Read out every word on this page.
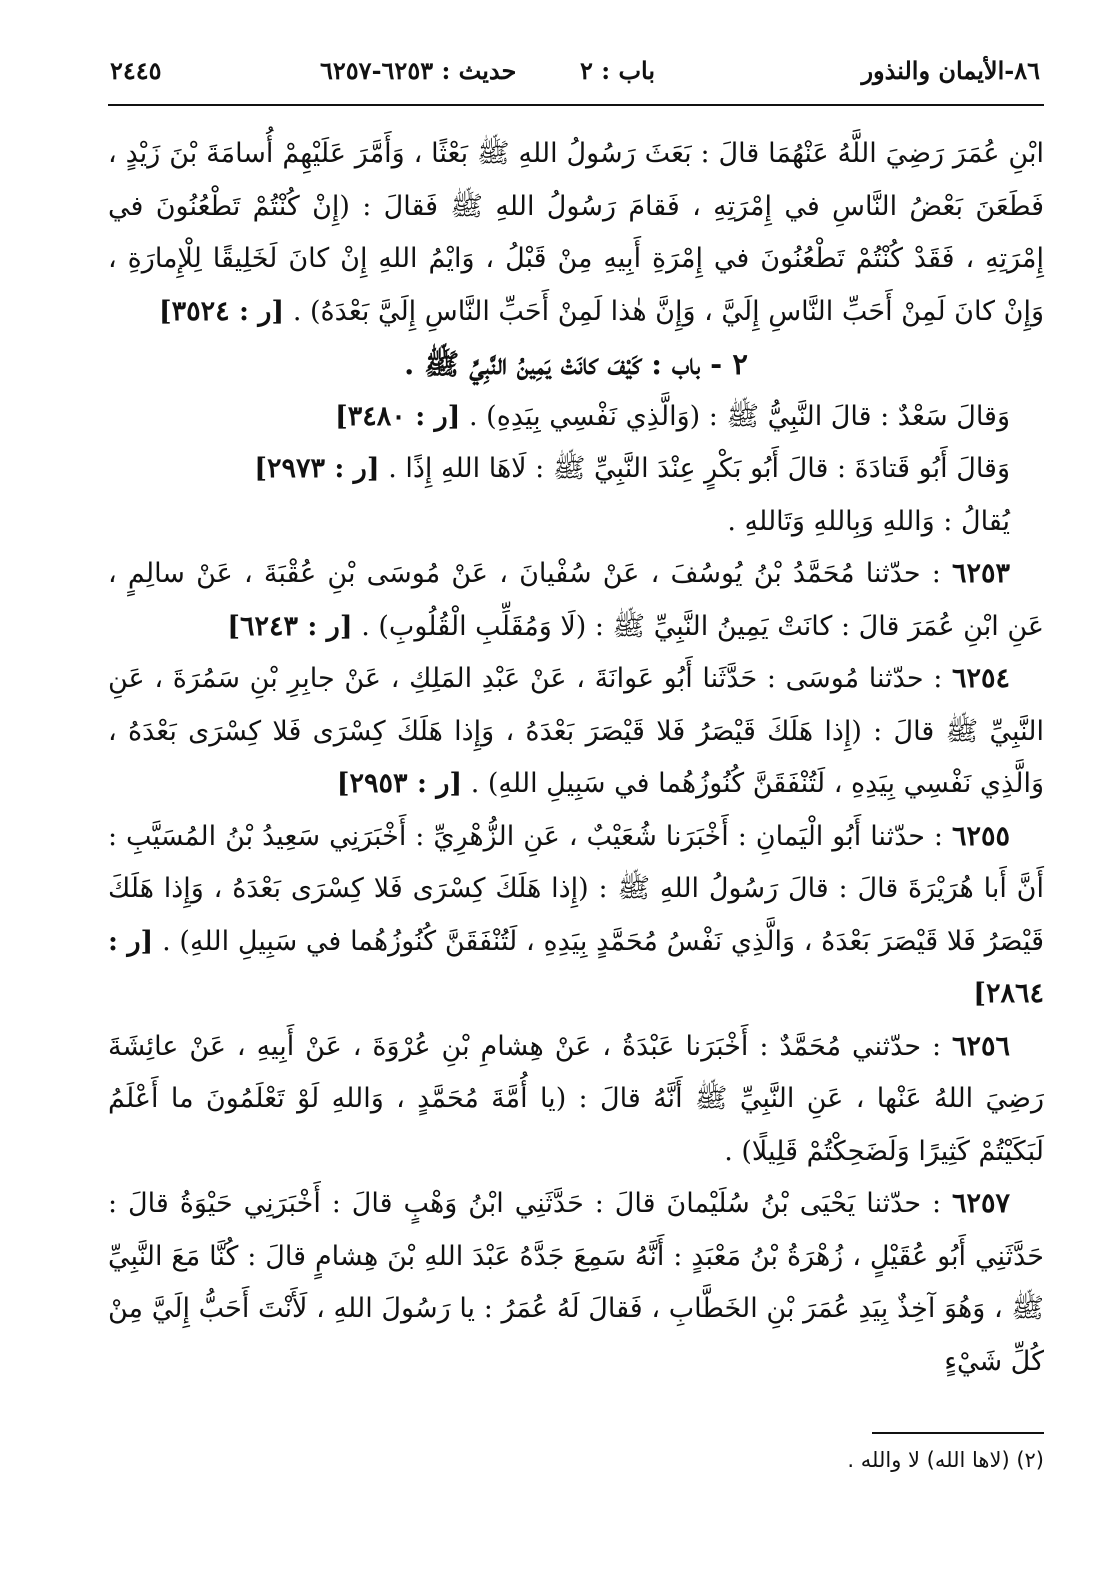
٨٦-الأيمان والنذور
باب : ٢
حديث : ٦٢٥٣-٦٢٥٧
٢٤٤٥

ابْنِ عُمَرَ رَضِيَ اللَّهُ عَنْهُمَا قالَ : بَعَثَ رَسُولُ اللهِ ﷺ بَعْثًا ، وَأَمَّرَ عَلَيْهِمْ أُسامَةَ بْنَ زَيْدٍ ، فَطَعَنَ بَعْضُ النَّاسِ في إِمْرَتِهِ ، فَقامَ رَسُولُ اللهِ ﷺ فَقالَ : (إِنْ كُنْتُمْ تَطْعُنُونَ في إِمْرَتِهِ ، فَقَدْ كُنْتُمْ تَطْعُنُونَ في إِمْرَةِ أَبِيهِ مِنْ قَبْلُ ، وَايْمُ اللهِ إِنْ كانَ لَخَلِيقًا لِلْإِمارَةِ ، وَإِنْ كانَ لَمِنْ أَحَبِّ النَّاسِ إِلَيَّ ، وَإِنَّ هٰذا لَمِنْ أَحَبِّ النَّاسِ إِلَيَّ بَعْدَهُ) . [ر : ٣٥٢٤]

٢ - باب : كَيْفَ كانَتْ يَمِينُ النَّبِيِّ ﷺ .

وَقالَ سَعْدٌ : قالَ النَّبِيُّ ﷺ : (وَالَّذِي نَفْسِي بِيَدِهِ) . [ر : ٣٤٨٠]

وَقالَ أَبُو قَتادَةَ : قالَ أَبُو بَكْرٍ عِنْدَ النَّبِيِّ ﷺ : لَاهَا اللهِ إِذًا . [ر : ٢٩٧٣]

يُقالُ : وَاللهِ وَبِاللهِ وَتَاللهِ .

٦٢٥٣ : حدّثنا مُحَمَّدُ بْنُ يُوسُفَ ، عَنْ سُفْيانَ ، عَنْ مُوسَى بْنِ عُقْبَةَ ، عَنْ سالِمٍ ، عَنِ ابْنِ عُمَرَ قالَ : كانَتْ يَمِينُ النَّبِيِّ ﷺ : (لَا وَمُقَلِّبِ الْقُلُوبِ) . [ر : ٦٢٤٣]

٦٢٥٤ : حدّثنا مُوسَى : حَدَّثَنا أَبُو عَوانَةَ ، عَنْ عَبْدِ المَلِكِ ، عَنْ جابِرِ بْنِ سَمُرَةَ ، عَنِ النَّبِيِّ ﷺ قالَ : (إِذا هَلَكَ قَيْصَرُ فَلا قَيْصَرَ بَعْدَهُ ، وَإِذا هَلَكَ كِسْرَى فَلا كِسْرَى بَعْدَهُ ، وَالَّذِي نَفْسِي بِيَدِهِ ، لَتُنْفَقَنَّ كُنُوزُهُما في سَبِيلِ اللهِ) . [ر : ٢٩٥٣]

٦٢٥٥ : حدّثنا أَبُو الْيَمانِ : أَخْبَرَنا شُعَيْبٌ ، عَنِ الزُّهْرِيِّ : أَخْبَرَنِي سَعِيدُ بْنُ المُسَيَّبِ : أَنَّ أَبا هُرَيْرَةَ قالَ : قالَ رَسُولُ اللهِ ﷺ : (إِذا هَلَكَ كِسْرَى فَلا كِسْرَى بَعْدَهُ ، وَإِذا هَلَكَ قَيْصَرُ فَلا قَيْصَرَ بَعْدَهُ ، وَالَّذِي نَفْسُ مُحَمَّدٍ بِيَدِهِ ، لَتُنْفَقَنَّ كُنُوزُهُما في سَبِيلِ اللهِ) . [ر : ٢٨٦٤]

٦٢٥٦ : حدّثني مُحَمَّدٌ : أَخْبَرَنا عَبْدَةُ ، عَنْ هِشامِ بْنِ عُرْوَةَ ، عَنْ أَبِيهِ ، عَنْ عائِشَةَ رَضِيَ اللهُ عَنْها ، عَنِ النَّبِيِّ ﷺ أَنَّهُ قالَ : (يا أُمَّةَ مُحَمَّدٍ ، وَاللهِ لَوْ تَعْلَمُونَ ما أَعْلَمُ لَبَكَيْتُمْ كَثِيرًا وَلَضَحِكْتُمْ قَلِيلًا) .

٦٢٥٧ : حدّثنا يَحْيَى بْنُ سُلَيْمانَ قالَ : حَدَّثَنِي ابْنُ وَهْبٍ قالَ : أَخْبَرَنِي حَيْوَةُ قالَ : حَدَّثَنِي أَبُو عُقَيْلٍ ، زُهْرَةُ بْنُ مَعْبَدٍ : أَنَّهُ سَمِعَ جَدَّهُ عَبْدَ اللهِ بْنَ هِشامٍ قالَ : كُنَّا مَعَ النَّبِيِّ ﷺ ، وَهُوَ آخِذٌ بِيَدِ عُمَرَ بْنِ الخَطَّابِ ، فَقالَ لَهُ عُمَرُ : يا رَسُولَ اللهِ ، لَأَنْتَ أَحَبُّ إِلَيَّ مِنْ كُلِّ شَيْءٍ

(٢) (لاها الله) لا والله .
